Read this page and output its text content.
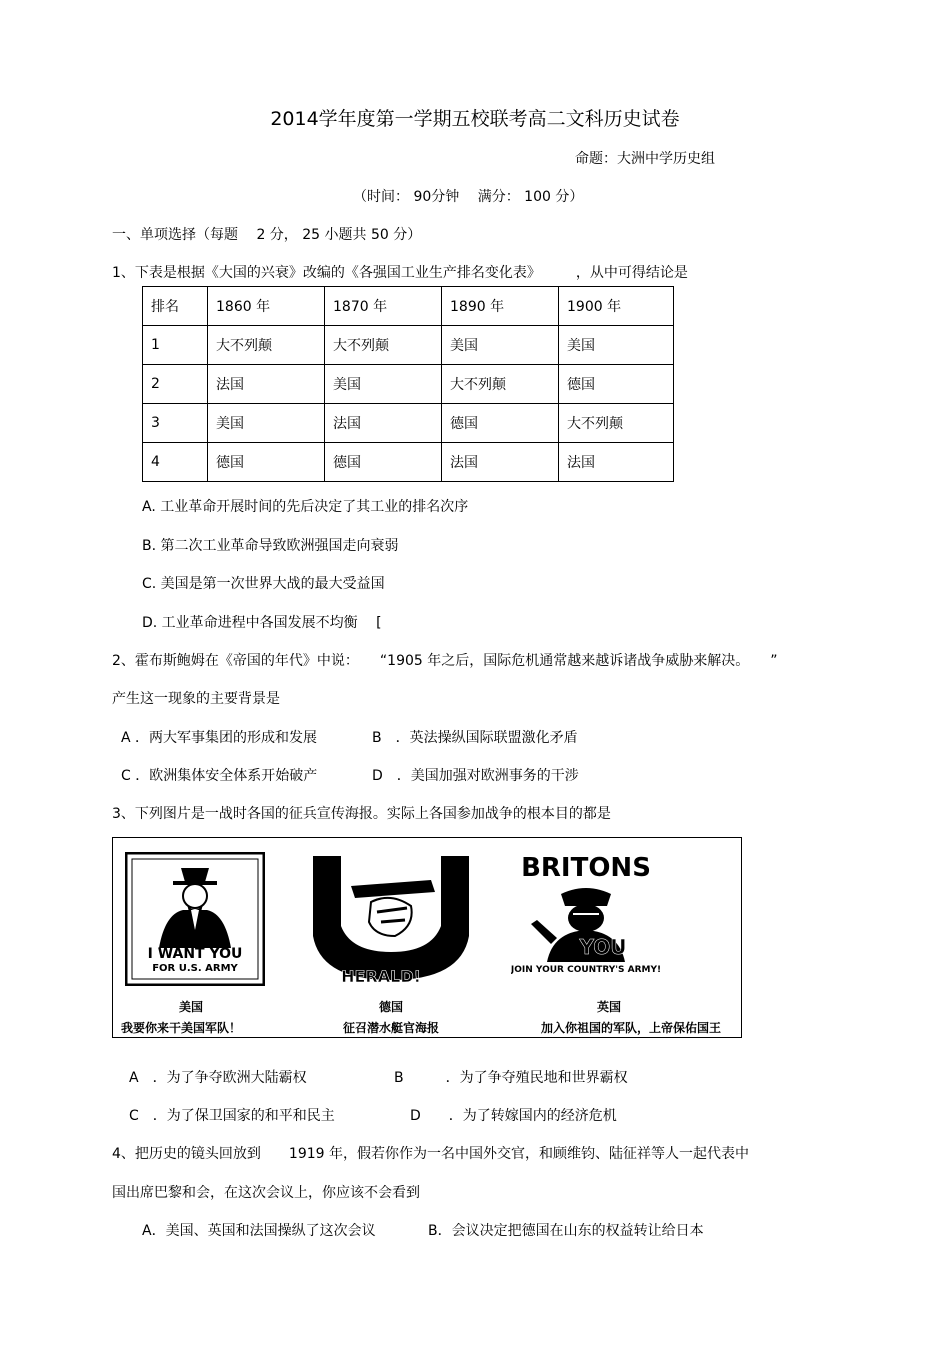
2014学年度第一学期五校联考高二文科历史试卷
命题：大洲中学历史组
（时间： 90分钟　 满分： 100 分）
一、单项选择（每题　 2 分， 25 小题共 50 分）
1、下表是根据《大国的兴衰》改编的《各强国工业生产排名变化表》　　　，从中可得结论是
排名	1860 年	1870 年	1890 年	1900 年
1	大不列颠	大不列颠	美国	美国
2	法国	美国	大不列颠	德国
3	美国	法国	德国	大不列颠
4	德国	德国	法国	法国
A. 工业革命开展时间的先后决定了其工业的排名次序
B. 第二次工业革命导致欧洲强国走向衰弱
C. 美国是第一次世界大战的最大受益国
D. 工业革命进程中各国发展不均衡　 [
2、霍布斯鲍姆在《帝国的年代》中说：　　“1905 年之后，国际危机通常越来越诉诸战争威胁来解决。　　”
产生这一现象的主要背景是
A ．两大军事集团的形成和发展	B　．英法操纵国际联盟激化矛盾
C ．欧洲集体安全体系开始破产	D　．美国加强对欧洲事务的干涉
3、下列图片是一战时各国的征兵宣传海报。实际上各国参加战争的根本目的都是
I WANT YOU
FOR U.S. ARMY	HERALD!
BRITONS
YOU
JOIN YOUR COUNTRY'S ARMY!
美国	德国	英国
我要你来干美国军队！	征召潜水艇官海报	加入你祖国的军队，上帝保佑国王
A　．为了争夺欧洲大陆霸权	B　　　．为了争夺殖民地和世界霸权
C　．为了保卫国家的和平和民主	D　　．为了转嫁国内的经济危机
4、把历史的镜头回放到　　1919 年，假若你作为一名中国外交官，和顾维钧、陆征祥等人一起代表中
国出席巴黎和会，在这次会议上，你应该不会看到
A．美国、英国和法国操纵了这次会议	B．会议决定把德国在山东的权益转让给日本
